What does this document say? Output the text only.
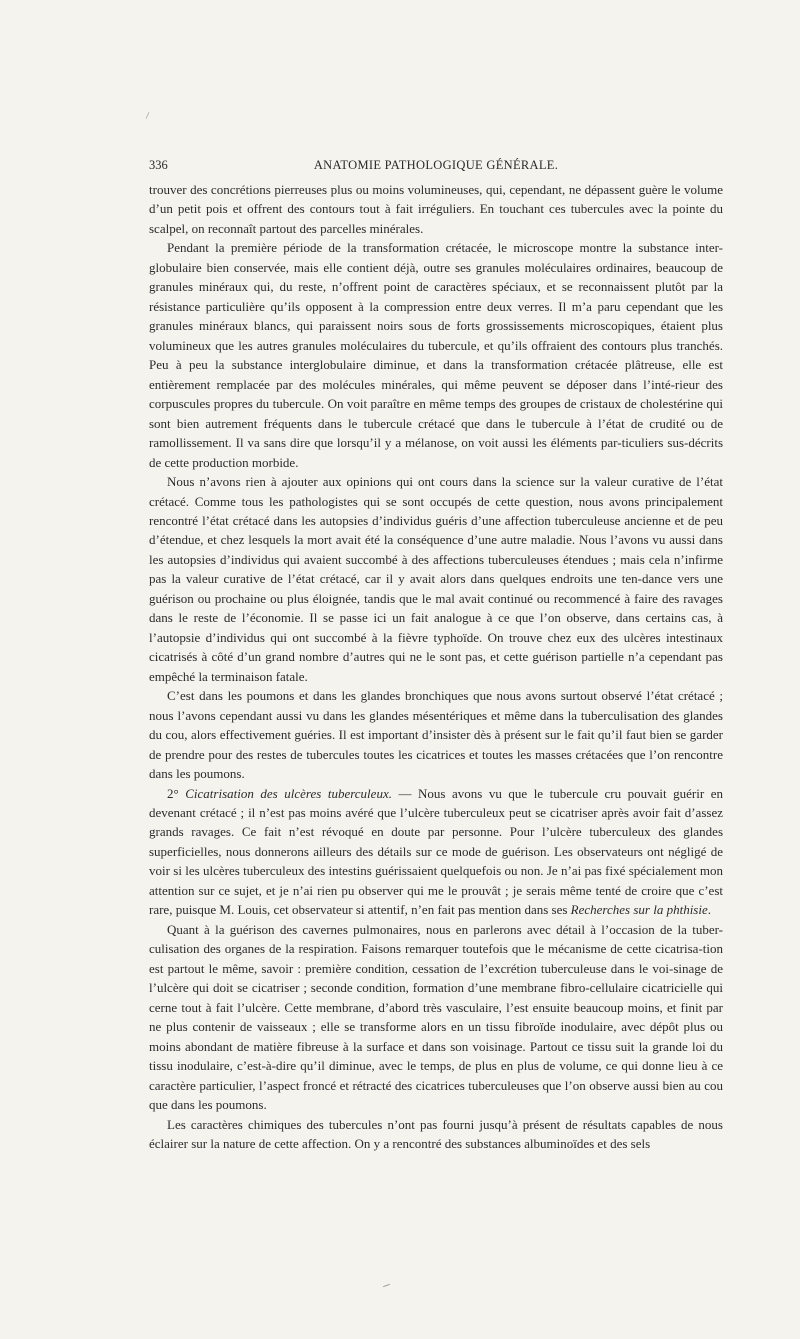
336	ANATOMIE PATHOLOGIQUE GÉNÉRALE.

trouver des concrétions pierreuses plus ou moins volumineuses, qui, cependant, ne dépassent guère le volume d’un petit pois et offrent des contours tout à fait irréguliers. En touchant ces tubercules avec la pointe du scalpel, on reconnaît partout des parcelles minérales.

Pendant la première période de la transformation crétacée, le microscope montre la substance inter-globulaire bien conservée, mais elle contient déjà, outre ses granules moléculaires ordinaires, beaucoup de granules minéraux qui, du reste, n’offrent point de caractères spéciaux, et se reconnaissent plutôt par la résistance particulière qu’ils opposent à la compression entre deux verres. Il m’a paru cependant que les granules minéraux blancs, qui paraissent noirs sous de forts grossissements microscopiques, étaient plus volumineux que les autres granules moléculaires du tubercule, et qu’ils offraient des contours plus tranchés. Peu à peu la substance interglobulaire diminue, et dans la transformation crétacée plâtreuse, elle est entièrement remplacée par des molécules minérales, qui même peuvent se déposer dans l’inté-rieur des corpuscules propres du tubercule. On voit paraître en même temps des groupes de cristaux de cholestérine qui sont bien autrement fréquents dans le tubercule crétacé que dans le tubercule à l’état de crudité ou de ramollissement. Il va sans dire que lorsqu’il y a mélanose, on voit aussi les éléments par-ticuliers sus-décrits de cette production morbide.

Nous n’avons rien à ajouter aux opinions qui ont cours dans la science sur la valeur curative de l’état crétacé. Comme tous les pathologistes qui se sont occupés de cette question, nous avons principalement rencontré l’état crétacé dans les autopsies d’individus guéris d’une affection tuberculeuse ancienne et de peu d’étendue, et chez lesquels la mort avait été la conséquence d’une autre maladie. Nous l’avons vu aussi dans les autopsies d’individus qui avaient succombé à des affections tuberculeuses étendues ; mais cela n’infirme pas la valeur curative de l’état crétacé, car il y avait alors dans quelques endroits une ten-dance vers une guérison ou prochaine ou plus éloignée, tandis que le mal avait continué ou recommencé à faire des ravages dans le reste de l’économie. Il se passe ici un fait analogue à ce que l’on observe, dans certains cas, à l’autopsie d’individus qui ont succombé à la fièvre typhoïde. On trouve chez eux des ulcères intestinaux cicatrisés à côté d’un grand nombre d’autres qui ne le sont pas, et cette guérison partielle n’a cependant pas empêché la terminaison fatale.

C’est dans les poumons et dans les glandes bronchiques que nous avons surtout observé l’état crétacé ; nous l’avons cependant aussi vu dans les glandes mésentériques et même dans la tuberculisation des glandes du cou, alors effectivement guéries. Il est important d’insister dès à présent sur le fait qu’il faut bien se garder de prendre pour des restes de tubercules toutes les cicatrices et toutes les masses crétacées que l’on rencontre dans les poumons.

2° Cicatrisation des ulcères tuberculeux. — Nous avons vu que le tubercule cru pouvait guérir en devenant crétacé ; il n’est pas moins avéré que l’ulcère tuberculeux peut se cicatriser après avoir fait d’assez grands ravages. Ce fait n’est révoqué en doute par personne. Pour l’ulcère tuberculeux des glandes superficielles, nous donnerons ailleurs des détails sur ce mode de guérison. Les observateurs ont négligé de voir si les ulcères tuberculeux des intestins guérissaient quelquefois ou non. Je n’ai pas fixé spécialement mon attention sur ce sujet, et je n’ai rien pu observer qui me le prouvât ; je serais même tenté de croire que c’est rare, puisque M. Louis, cet observateur si attentif, n’en fait pas mention dans ses Recherches sur la phthisie.

Quant à la guérison des cavernes pulmonaires, nous en parlerons avec détail à l’occasion de la tuber-culisation des organes de la respiration. Faisons remarquer toutefois que le mécanisme de cette cicatrisa-tion est partout le même, savoir : première condition, cessation de l’excrétion tuberculeuse dans le voi-sinage de l’ulcère qui doit se cicatriser ; seconde condition, formation d’une membrane fibro-cellulaire cicatricielle qui cerne tout à fait l’ulcère. Cette membrane, d’abord très vasculaire, l’est ensuite beaucoup moins, et finit par ne plus contenir de vaisseaux ; elle se transforme alors en un tissu fibroïde inodulaire, avec dépôt plus ou moins abondant de matière fibreuse à la surface et dans son voisinage. Partout ce tissu suit la grande loi du tissu inodulaire, c’est-à-dire qu’il diminue, avec le temps, de plus en plus de volume, ce qui donne lieu à ce caractère particulier, l’aspect froncé et rétracté des cicatrices tuberculeuses que l’on observe aussi bien au cou que dans les poumons.

Les caractères chimiques des tubercules n’ont pas fourni jusqu’à présent de résultats capables de nous éclairer sur la nature de cette affection. On y a rencontré des substances albuminoïdes et des sels
